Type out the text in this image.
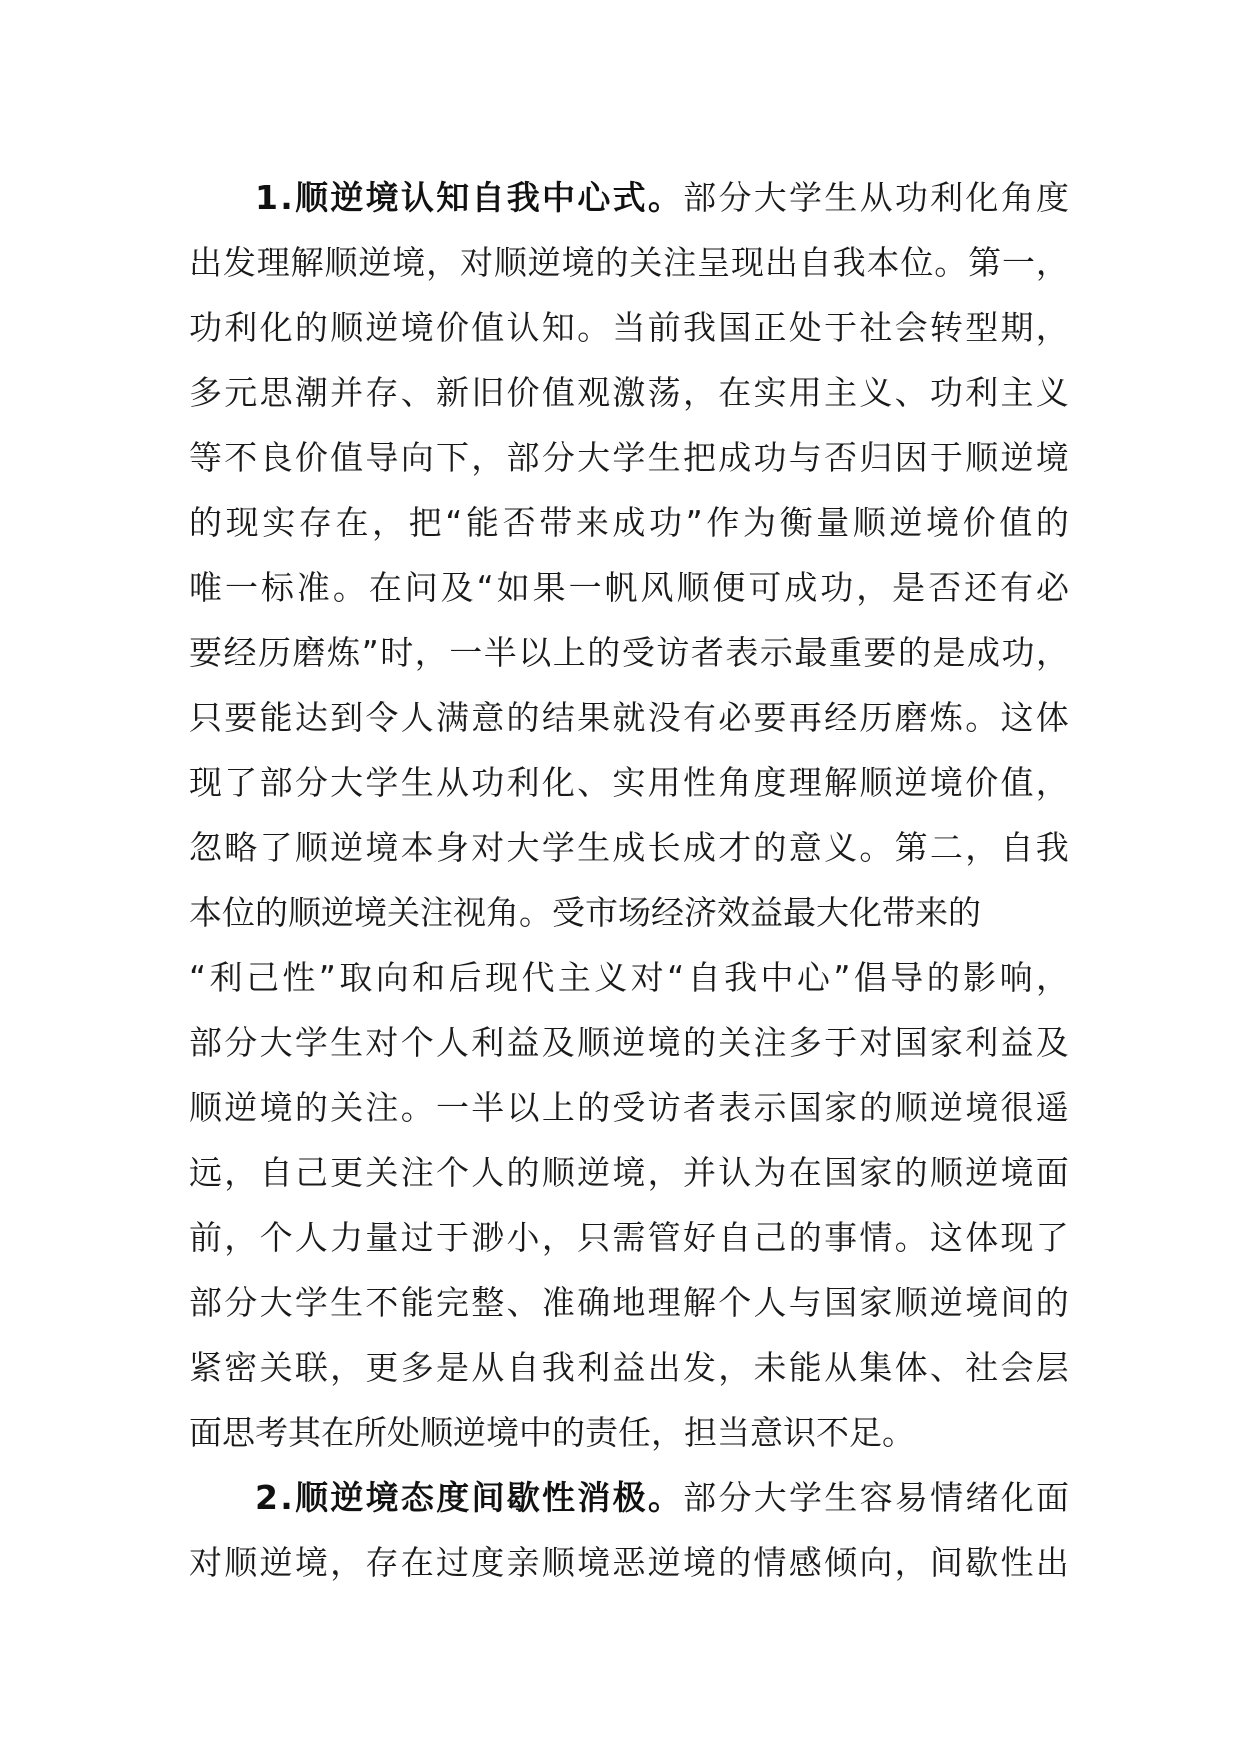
1 . 顺 逆 境 认 知 自 我 中 心 式 。 部 分 大 学 生 从 功 利 化 角 度
出 发 理 解 顺 逆 境 ， 对 顺 逆 境 的 关 注 呈 现 出 自 我 本 位 。 第 一 ，
功 利 化 的 顺 逆 境 价 值 认 知 。 当 前 我 国 正 处 于 社 会 转 型 期 ，
多 元 思 潮 并 存 、 新 旧 价 值 观 激 荡 ， 在 实 用 主 义 、 功 利 主 义
等 不 良 价 值 导 向 下 ， 部 分 大 学 生 把 成 功 与 否 归 因 于 顺 逆 境
的 现 实 存 在 ， 把 “ 能 否 带 来 成 功 ” 作 为 衡 量 顺 逆 境 价 值 的
唯 一 标 准 。 在 问 及 “ 如 果 一 帆 风 顺 便 可 成 功 ， 是 否 还 有 必
要 经 历 磨 炼 ” 时 ， 一 半 以 上 的 受 访 者 表 示 最 重 要 的 是 成 功 ，
只 要 能 达 到 令 人 满 意 的 结 果 就 没 有 必 要 再 经 历 磨 炼 。 这 体
现 了 部 分 大 学 生 从 功 利 化 、 实 用 性 角 度 理 解 顺 逆 境 价 值 ，
忽 略 了 顺 逆 境 本 身 对 大 学 生 成 长 成 才 的 意 义 。 第 二 ， 自 我
本位的顺逆境关注视角。受市场经济效益最大化带来的
“ 利 己 性 ” 取 向 和 后 现 代 主 义 对 “ 自 我 中 心 ” 倡 导 的 影 响 ，
部 分 大 学 生 对 个 人 利 益 及 顺 逆 境 的 关 注 多 于 对 国 家 利 益 及
顺 逆 境 的 关 注 。 一 半 以 上 的 受 访 者 表 示 国 家 的 顺 逆 境 很 遥
远 ， 自 己 更 关 注 个 人 的 顺 逆 境 ， 并 认 为 在 国 家 的 顺 逆 境 面
前 ， 个 人 力 量 过 于 渺 小 ， 只 需 管 好 自 己 的 事 情 。 这 体 现 了
部 分 大 学 生 不 能 完 整 、 准 确 地 理 解 个 人 与 国 家 顺 逆 境 间 的
紧 密 关 联 ， 更 多 是 从 自 我 利 益 出 发 ， 未 能 从 集 体 、 社 会 层
面思考其在所处顺逆境中的责任，担当意识不足。
2 . 顺 逆 境 态 度 间 歇 性 消 极 。 部 分 大 学 生 容 易 情 绪 化 面
对 顺 逆 境 ， 存 在 过 度 亲 顺 境 恶 逆 境 的 情 感 倾 向 ， 间 歇 性 出
